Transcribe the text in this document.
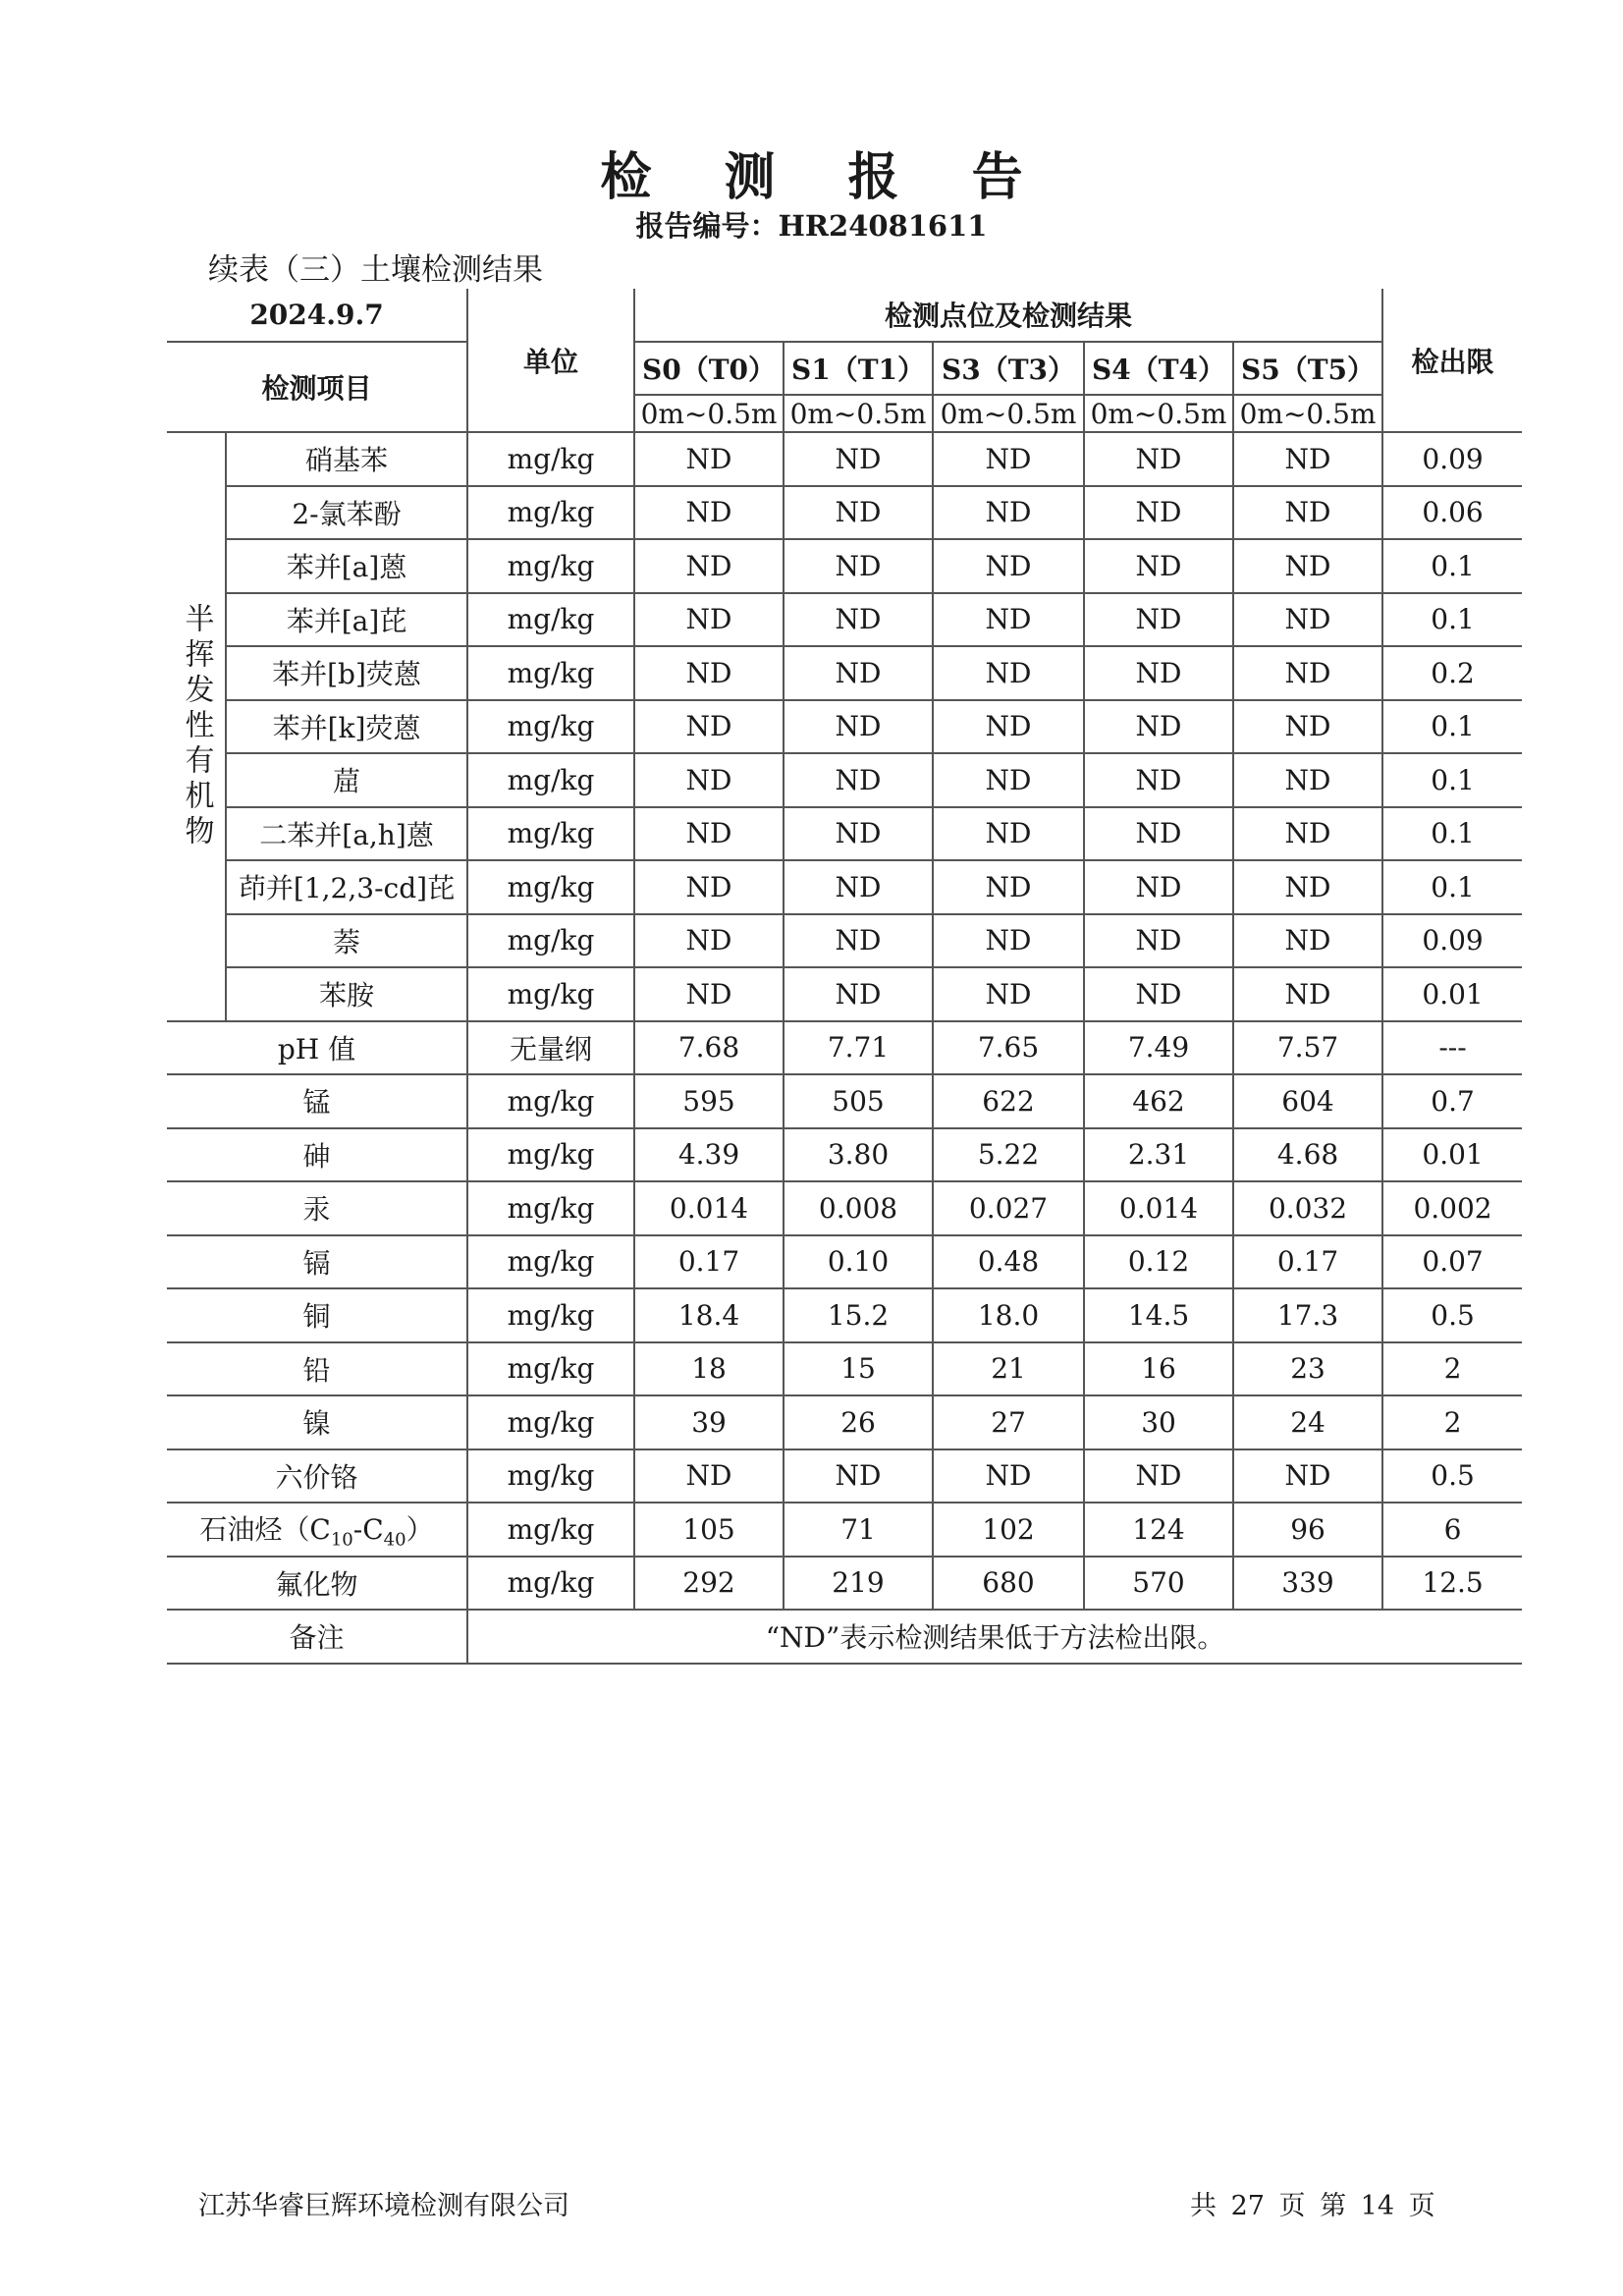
检 测 报 告
报告编号：HR24081611
续表（三）土壤检测结果
2024.9.7		单位	检测点位及检测结果					检出限
检测项目			S0（T0）	S1（T1）	S3（T3）	S4（T4）	S5（T5）	
			0m~0.5m	0m~0.5m	0m~0.5m	0m~0.5m	0m~0.5m	
半挥发性有机物	硝基苯	mg/kg	ND	ND	ND	ND	ND	0.09
	2-氯苯酚	mg/kg	ND	ND	ND	ND	ND	0.06
	苯并[a]蒽	mg/kg	ND	ND	ND	ND	ND	0.1
	苯并[a]芘	mg/kg	ND	ND	ND	ND	ND	0.1
	苯并[b]荧蒽	mg/kg	ND	ND	ND	ND	ND	0.2
	苯并[k]荧蒽	mg/kg	ND	ND	ND	ND	ND	0.1
	䓛	mg/kg	ND	ND	ND	ND	ND	0.1
	二苯并[a,h]蒽	mg/kg	ND	ND	ND	ND	ND	0.1
	茚并[1,2,3-cd]芘	mg/kg	ND	ND	ND	ND	ND	0.1
	萘	mg/kg	ND	ND	ND	ND	ND	0.09
	苯胺	mg/kg	ND	ND	ND	ND	ND	0.01
pH 值		无量纲	7.68	7.71	7.65	7.49	7.57	---
锰		mg/kg	595	505	622	462	604	0.7
砷		mg/kg	4.39	3.80	5.22	2.31	4.68	0.01
汞		mg/kg	0.014	0.008	0.027	0.014	0.032	0.002
镉		mg/kg	0.17	0.10	0.48	0.12	0.17	0.07
铜		mg/kg	18.4	15.2	18.0	14.5	17.3	0.5
铅		mg/kg	18	15	21	16	23	2
镍		mg/kg	39	26	27	30	24	2
六价铬		mg/kg	ND	ND	ND	ND	ND	0.5
石油烃$(C_{10}-C_{40})$		mg/kg	105	71	102	124	96	6
氟化物		mg/kg	292	219	680	570	339	12.5
备注		“ND”表示检测结果低于方法检出限。						
江苏华睿巨辉环境检测有限公司	共 27 页 第 14 页
